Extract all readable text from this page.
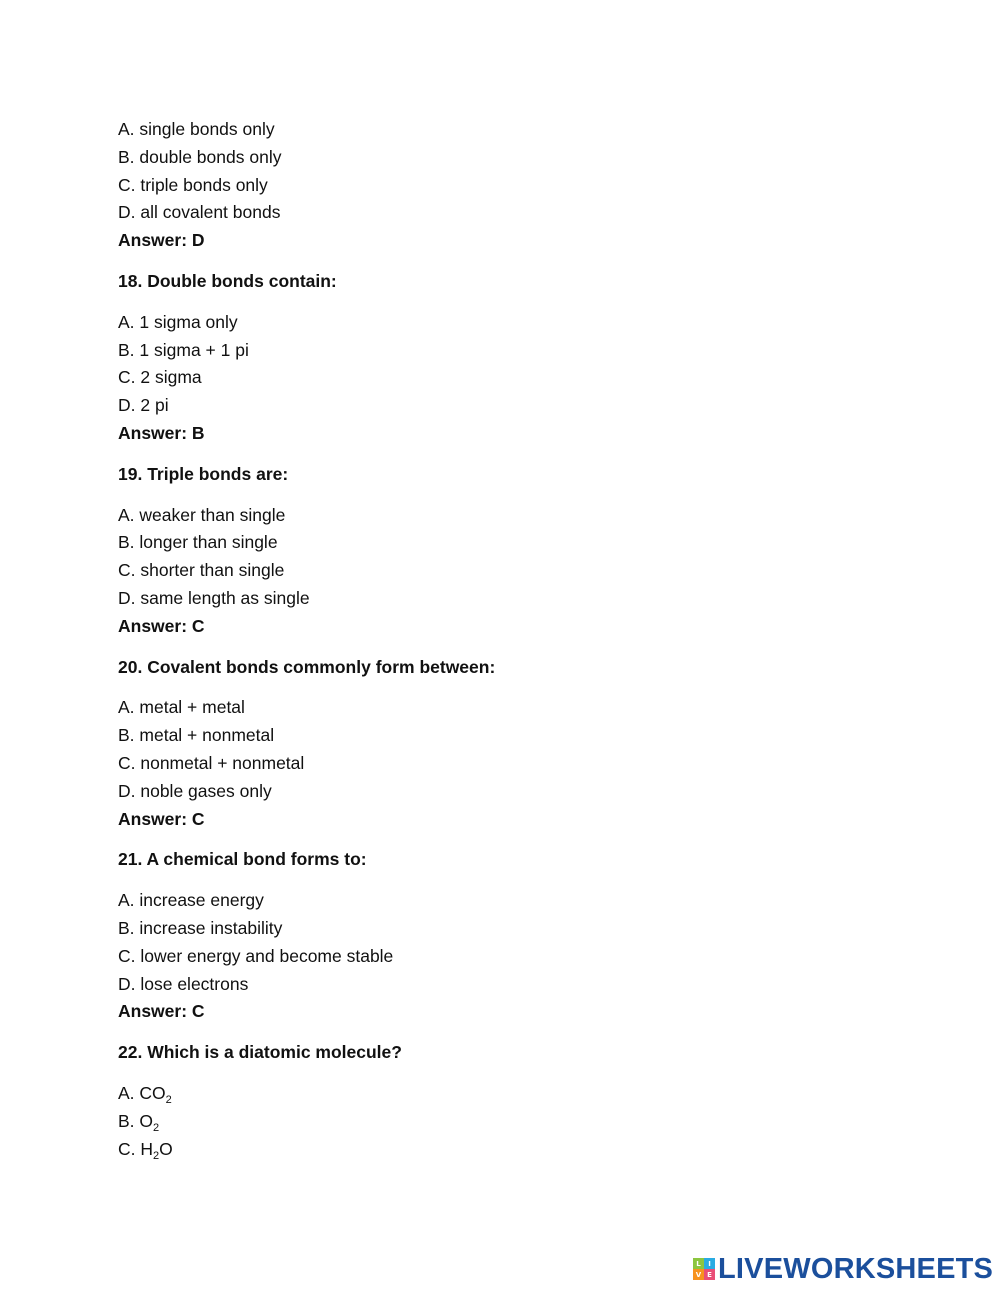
A. single bonds only
B. double bonds only
C. triple bonds only
D. all covalent bonds
Answer: D
18. Double bonds contain:
A. 1 sigma only
B. 1 sigma + 1 pi
C. 2 sigma
D. 2 pi
Answer: B
19. Triple bonds are:
A. weaker than single
B. longer than single
C. shorter than single
D. same length as single
Answer: C
20. Covalent bonds commonly form between:
A. metal + metal
B. metal + nonmetal
C. nonmetal + nonmetal
D. noble gases only
Answer: C
21. A chemical bond forms to:
A. increase energy
B. increase instability
C. lower energy and become stable
D. lose electrons
Answer: C
22. Which is a diatomic molecule?
A. $CO_2$
B. $O_2$
C. $H_2O$
L	I
V E LIVEWORKSHEETS
